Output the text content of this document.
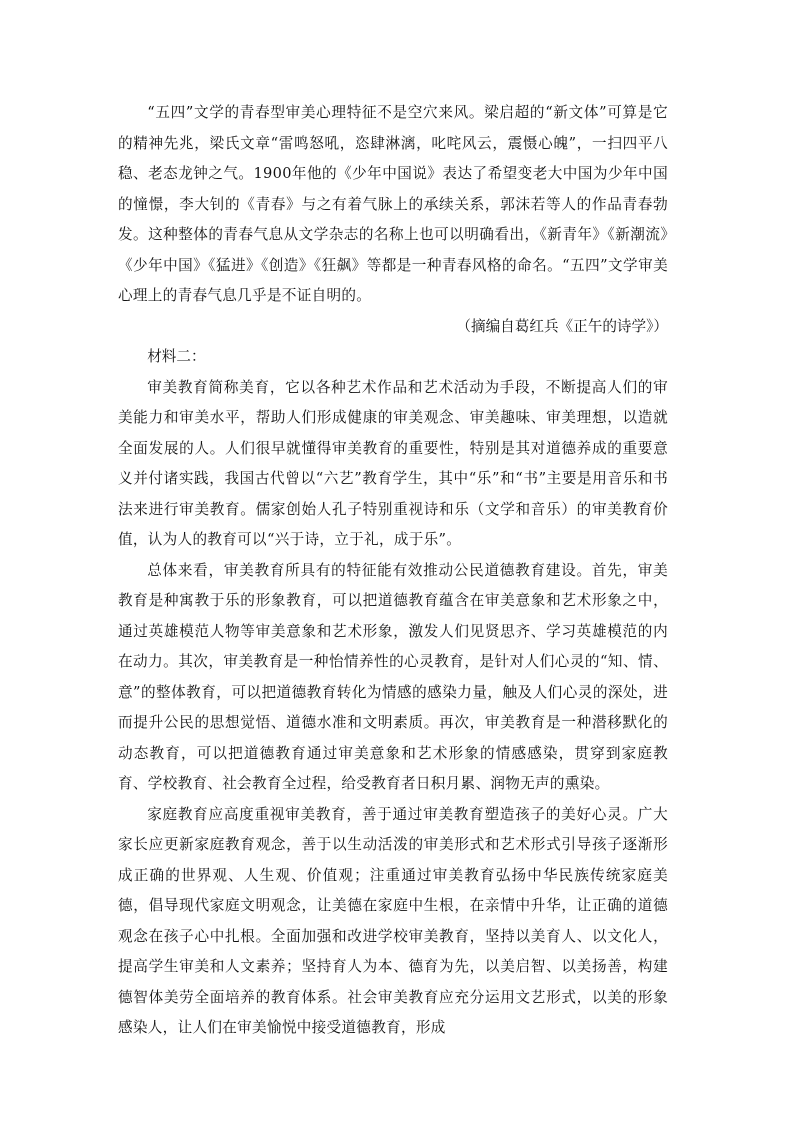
“五四”文学的青春型审美心理特征不是空穴来风。梁启超的“新文体”可算是它的精神先兆，梁氏文章“雷鸣怒吼，恣肆淋漓，叱咤风云，震慑心魄”，一扫四平八稳、老态龙钟之气。1900年他的《少年中国说》表达了希望变老大中国为少年中国的憧憬，李大钊的《青春》与之有着气脉上的承续关系，郭沫若等人的作品青春勃发。这种整体的青春气息从文学杂志的名称上也可以明确看出，《新青年》《新潮流》《少年中国》《猛进》《创造》《狂飙》等都是一种青春风格的命名。“五四”文学审美心理上的青春气息几乎是不证自明的。

（摘编自葛红兵《正午的诗学》）

材料二：

审美教育简称美育，它以各种艺术作品和艺术活动为手段，不断提高人们的审美能力和审美水平，帮助人们形成健康的审美观念、审美趣味、审美理想，以造就全面发展的人。人们很早就懂得审美教育的重要性，特别是其对道德养成的重要意义并付诸实践，我国古代曾以“六艺”教育学生，其中“乐”和“书”主要是用音乐和书法来进行审美教育。儒家创始人孔子特别重视诗和乐（文学和音乐）的审美教育价值，认为人的教育可以“兴于诗，立于礼，成于乐”。

总体来看，审美教育所具有的特征能有效推动公民道德教育建设。首先，审美教育是种寓教于乐的形象教育，可以把道德教育蕴含在审美意象和艺术形象之中，通过英雄模范人物等审美意象和艺术形象，激发人们见贤思齐、学习英雄模范的内在动力。其次，审美教育是一种怡情养性的心灵教育，是针对人们心灵的“知、情、意”的整体教育，可以把道德教育转化为情感的感染力量，触及人们心灵的深处，进而提升公民的思想觉悟、道德水准和文明素质。再次，审美教育是一种潜移默化的动态教育，可以把道德教育通过审美意象和艺术形象的情感感染，贯穿到家庭教育、学校教育、社会教育全过程，给受教育者日积月累、润物无声的熏染。

家庭教育应高度重视审美教育，善于通过审美教育塑造孩子的美好心灵。广大家长应更新家庭教育观念，善于以生动活泼的审美形式和艺术形式引导孩子逐渐形成正确的世界观、人生观、价值观；注重通过审美教育弘扬中华民族传统家庭美德，倡导现代家庭文明观念，让美德在家庭中生根，在亲情中升华，让正确的道德观念在孩子心中扎根。全面加强和改进学校审美教育，坚持以美育人、以文化人，提高学生审美和人文素养；坚持育人为本、德育为先，以美启智、以美扬善，构建德智体美劳全面培养的教育体系。社会审美教育应充分运用文艺形式，以美的形象感染人，让人们在审美愉悦中接受道德教育，形成
